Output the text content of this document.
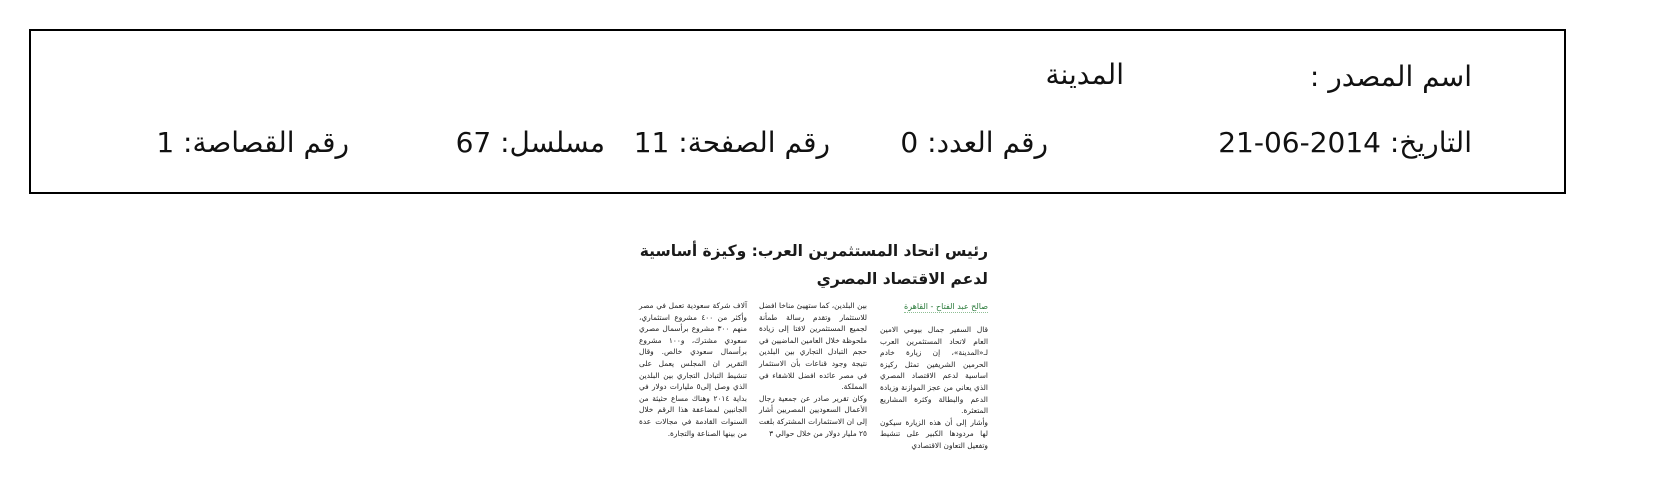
اسم المصدر :
المدينة
التاريخ: 2014-06-21
رقم العدد: 0
رقم الصفحة: 11
مسلسل: 67
رقم القصاصة: 1
رئيس اتحاد المستثمرين العرب: وكيزة أساسية
لدعم الاقتصاد المصري
صالح عبد الفتاح - القاهرة

قال السفير جمال بيومي الامين العام لاتحاد المستثمرين العرب لـ«المدينة»، إن زيارة خادم الحرمين الشريفين تمثل ركيزة اساسية لدعم الاقتصاد المصري الذي يعاني من عجز الموازنة وزيادة الدعم والبطالة وكثرة المشاريع المتعثرة.

وأشار إلى أن هذه الزيارة سيكون لها مردودها الكبير على تنشيط وتفعيل التعاون الاقتصادي

بين البلدين، كما ستهيئ مناخا افضل للاستثمار وتقدم رسالة طمأنة لجميع المستثمرين لافتا إلى زيادة ملحوظة خلال العامين الماضيين في حجم التبادل التجاري بين البلدين نتيجة وجود قناعات بأن الاستثمار في مصر عائده افضل للاشقاء في المملكة.

وكان تقرير صادر عن جمعية رجال الأعمال السعوديين المصريين أشار إلى ان الاستثمارات المشتركة بلغت ٢٥ مليار دولار من خلال حوالي ٣

آلاف شركة سعودية تعمل في مصر وأكثر من ٤٠٠ مشروع استثماري، منهم ٣٠٠ مشروع برأسمال مصري سعودي مشترك، و١٠٠ مشروع برأسمال سعودي خالص. وقال التقرير ان المجلس يعمل على تنشيط التبادل التجاري بين البلدين الذي وصل إلى٥ مليارات دولار في بداية ٢٠١٤ وهناك مساع حثيثة من الجانبين لمضاعفة هذا الرقم خلال السنوات القادمة في مجالات عدة من بينها الصناعة والتجارة.
